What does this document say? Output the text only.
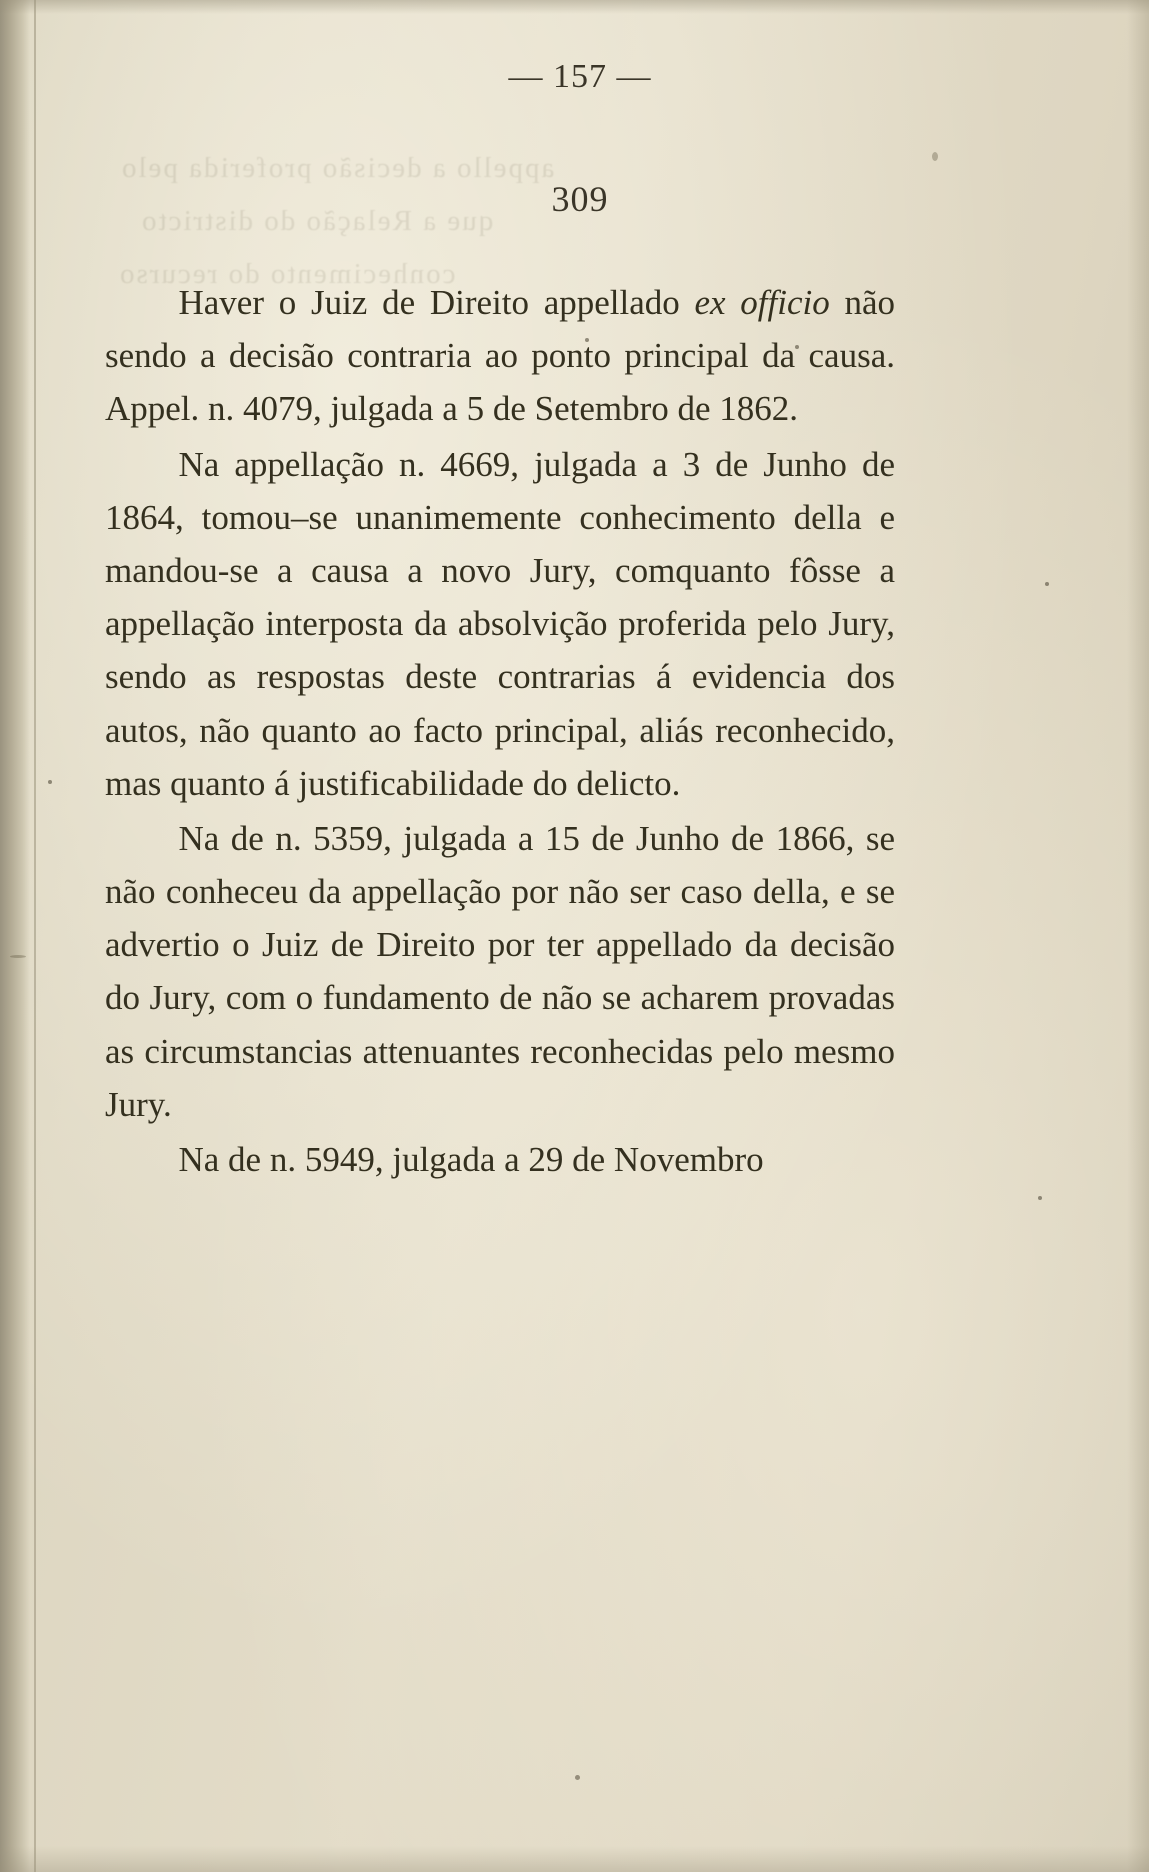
appello a decisão proferida pelo
que a Relação do districto
conhecimento do recurso
— 157 —
309

Haver o Juiz de Direito appellado ex officio não sendo a decisão contraria ao ponto principal da causa. Appel. n. 4079, julgada a 5 de Setembro de 1862.

Na appellação n. 4669, julgada a 3 de Junho de 1864, tomou–se unanimemente conhecimento della e mandou-se a causa a novo Jury, comquanto fôsse a appellação interposta da absolvição proferida pelo Jury, sendo as respostas deste contrarias á evidencia dos autos, não quanto ao facto principal, aliás reconhecido, mas quanto á justificabilidade do delicto.

Na de n. 5359, julgada a 15 de Junho de 1866, se não conheceu da appellação por não ser caso della, e se advertio o Juiz de Direito por ter appellado da decisão do Jury, com o fundamento de não se acharem provadas as circumstancias attenuantes reconhecidas pelo mesmo Jury.

Na de n. 5949, julgada a 29 de Novembro
